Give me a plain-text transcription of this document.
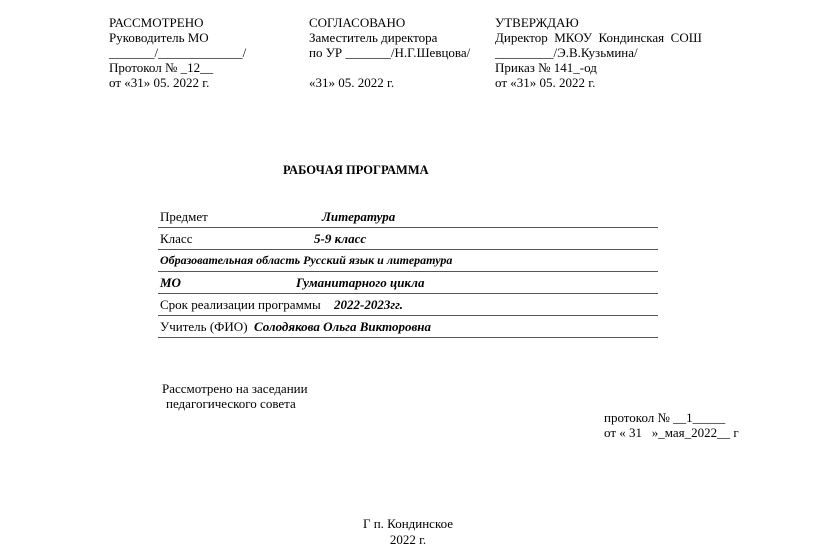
РАССМОТРЕНО
Руководитель МО
_______/_____________/
Протокол № _12__
от «31» 05. 2022 г.
СОГЛАСОВАНО
Заместитель директора
по УР _______/Н.Г.Шевцова/
«31» 05. 2022 г.
УТВЕРЖДАЮ
Директор  МКОУ  Кондинская  СОШ
_________/Э.В.Кузьмина/
Приказ № 141_-од
от «31» 05. 2022 г.
РАБОЧАЯ ПРОГРАММА
Предмет	Литература
Класс	5-9 класс
Образовательная область Русский язык и литература
МО	Гуманитарного цикла
Срок реализации программы 2022-2023гг.
Учитель (ФИО) Солодякова Ольга Викторовна
Рассмотрено на заседании
педагогического совета
протокол № __1_____
от « 31   »_мая_2022__ г
Г п. Кондинское
2022 г.
